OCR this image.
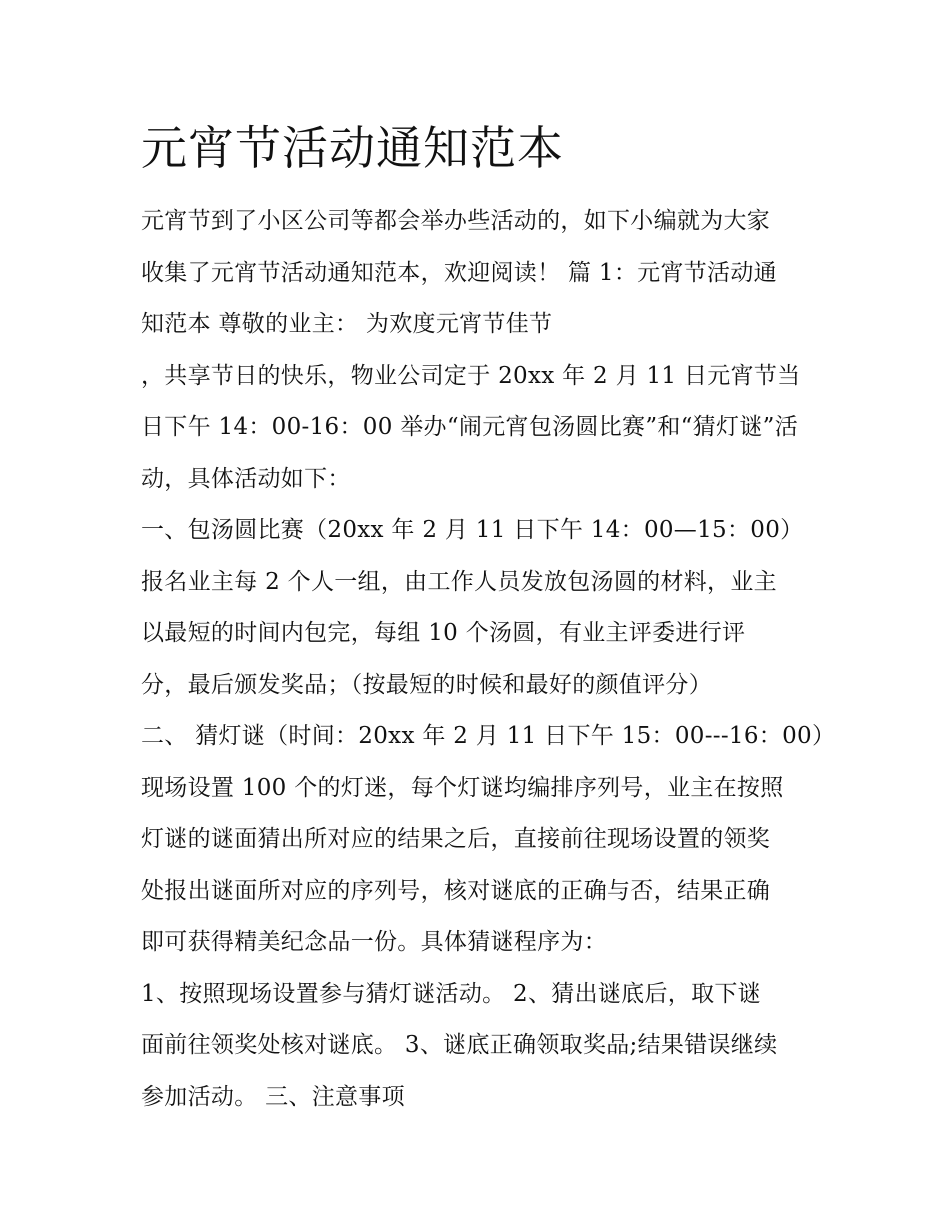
元宵节活动通知范本
元宵节到了小区公司等都会举办些活动的，如下小编就为大家
收集了元宵节活动通知范本，欢迎阅读！ 篇 1：元宵节活动通
知范本 尊敬的业主： 为欢度元宵节佳节
，共享节日的快乐，物业公司定于 20xx 年 2 月 11 日元宵节当
日下午 14：00-16：00 举办“闹元宵包汤圆比赛”和“猜灯谜”活
动，具体活动如下：
一、包汤圆比赛（20xx 年 2 月 11 日下午 14：00—15：00）
报名业主每 2 个人一组，由工作人员发放包汤圆的材料，业主
以最短的时间内包完，每组 10 个汤圆，有业主评委进行评
分，最后颁发奖品；（按最短的时候和最好的颜值评分）
二、 猜灯谜（时间：20xx 年 2 月 11 日下午 15：00---16：00）
现场设置 100 个的灯迷，每个灯谜均编排序列号，业主在按照
灯谜的谜面猜出所对应的结果之后，直接前往现场设置的领奖
处报出谜面所对应的序列号，核对谜底的正确与否，结果正确
即可获得精美纪念品一份。具体猜谜程序为：
1、按照现场设置参与猜灯谜活动。 2、猜出谜底后，取下谜
面前往领奖处核对谜底。 3、谜底正确领取奖品;结果错误继续
参加活动。 三、注意事项
